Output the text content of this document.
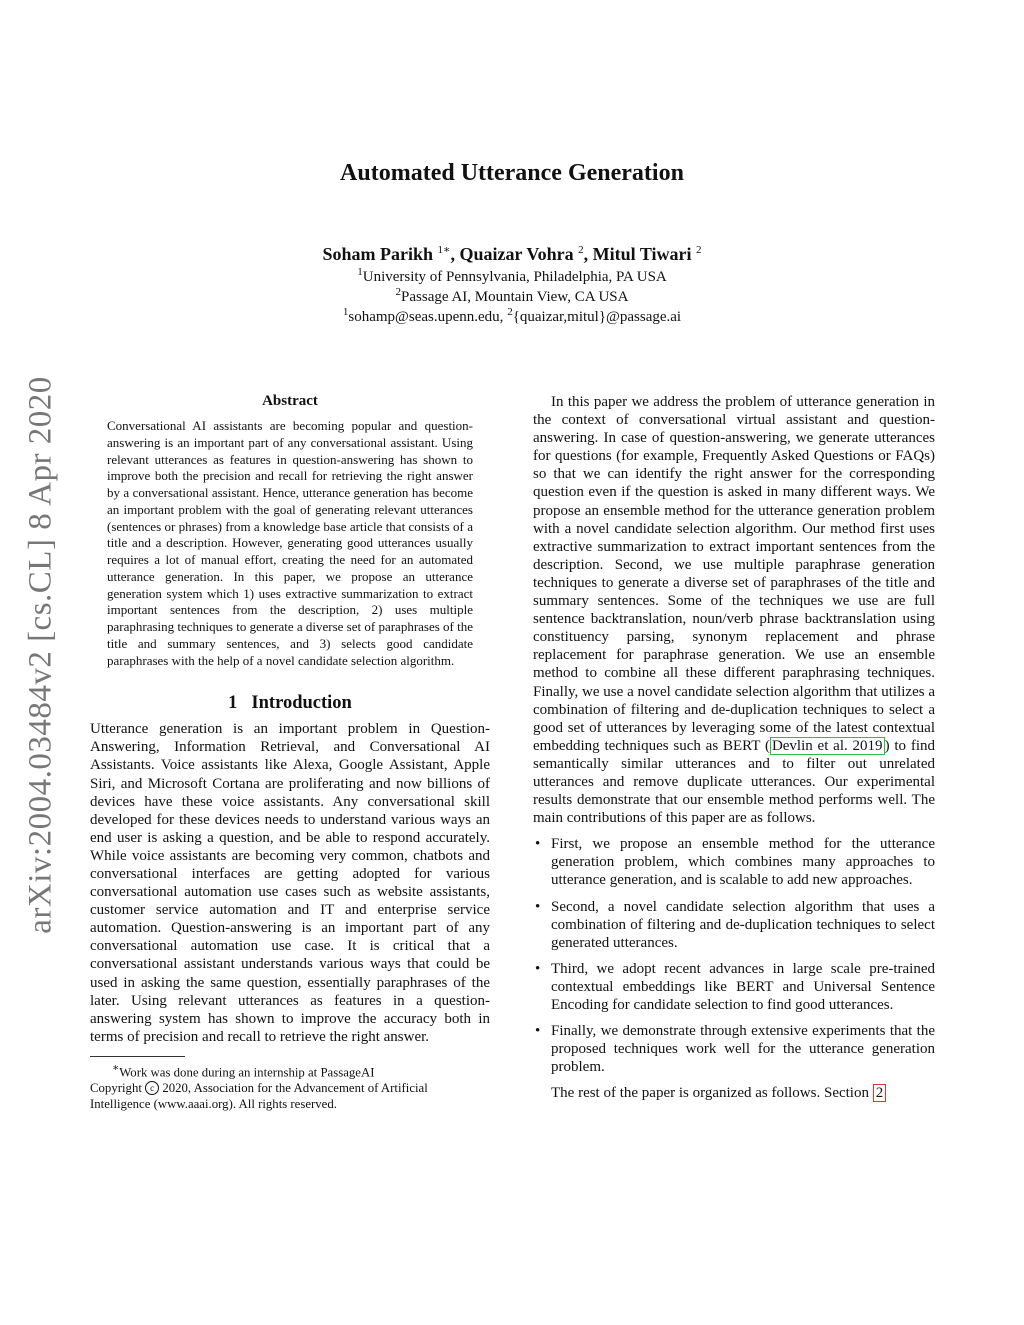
arXiv:2004.03484v2 [cs.CL] 8 Apr 2020
Automated Utterance Generation
Soham Parikh $^{1∗}$, Quaizar Vohra $^2$, Mitul Tiwari $^2$
$^1$University of Pennsylvania, Philadelphia, PA USA
$^2$Passage AI, Mountain View, CA USA
$^1$sohamp@seas.upenn.edu, $^2${quaizar,mitul}@passage.ai
Abstract

Conversational AI assistants are becoming popular and question-answering is an important part of any conversational assistant. Using relevant utterances as features in question-answering has shown to improve both the precision and recall for retrieving the right answer by a conversational assistant. Hence, utterance generation has become an important problem with the goal of generating relevant utterances (sentences or phrases) from a knowledge base article that consists of a title and a description. However, generating good utterances usually requires a lot of manual effort, creating the need for an automated utterance generation. In this paper, we propose an utterance generation system which 1) uses extractive summarization to extract important sentences from the description, 2) uses multiple paraphrasing techniques to generate a diverse set of paraphrases of the title and summary sentences, and 3) selects good candidate paraphrases with the help of a novel candidate selection algorithm.

1 Introduction

Utterance generation is an important problem in Question-Answering, Information Retrieval, and Conversational AI Assistants. Voice assistants like Alexa, Google Assistant, Apple Siri, and Microsoft Cortana are proliferating and now billions of devices have these voice assistants. Any conversational skill developed for these devices needs to understand various ways an end user is asking a question, and be able to respond accurately. While voice assistants are becoming very common, chatbots and conversational interfaces are getting adopted for various conversational automation use cases such as website assistants, customer service automation and IT and enterprise service automation. Question-answering is an important part of any conversational automation use case. It is critical that a conversational assistant understands various ways that could be used in asking the same question, essentially paraphrases of the later. Using relevant utterances as features in a question-answering system has shown to improve the accuracy both in terms of precision and recall to retrieve the right answer.

∗Work was done during an internship at PassageAI

Copyright c 2020, Association for the Advancement of Artificial Intelligence (www.aaai.org). All rights reserved.

In this paper we address the problem of utterance generation in the context of conversational virtual assistant and question-answering. In case of question-answering, we generate utterances for questions (for example, Frequently Asked Questions or FAQs) so that we can identify the right answer for the corresponding question even if the question is asked in many different ways. We propose an ensemble method for the utterance generation problem with a novel candidate selection algorithm. Our method first uses extractive summarization to extract important sentences from the description. Second, we use multiple paraphrase generation techniques to generate a diverse set of paraphrases of the title and summary sentences. Some of the techniques we use are full sentence backtranslation, noun/verb phrase backtranslation using constituency parsing, synonym replacement and phrase replacement for paraphrase generation. We use an ensemble method to combine all these different paraphrasing techniques. Finally, we use a novel candidate selection algorithm that utilizes a combination of filtering and de-duplication techniques to select a good set of utterances by leveraging some of the latest contextual embedding techniques such as BERT ( Devlin et al. 2019 ) to find semantically similar utterances and to filter out unrelated utterances and remove duplicate utterances. Our experimental results demonstrate that our ensemble method performs well. The main contributions of this paper are as follows.

• First, we propose an ensemble method for the utterance generation problem, which combines many approaches to utterance generation, and is scalable to add new approaches.
• Second, a novel candidate selection algorithm that uses a combination of filtering and de-duplication techniques to select generated utterances.
• Third, we adopt recent advances in large scale pre-trained contextual embeddings like BERT and Universal Sentence Encoding for candidate selection to find good utterances.
• Finally, we demonstrate through extensive experiments that the proposed techniques work well for the utterance generation problem.

The rest of the paper is organized as follows. Section 2
